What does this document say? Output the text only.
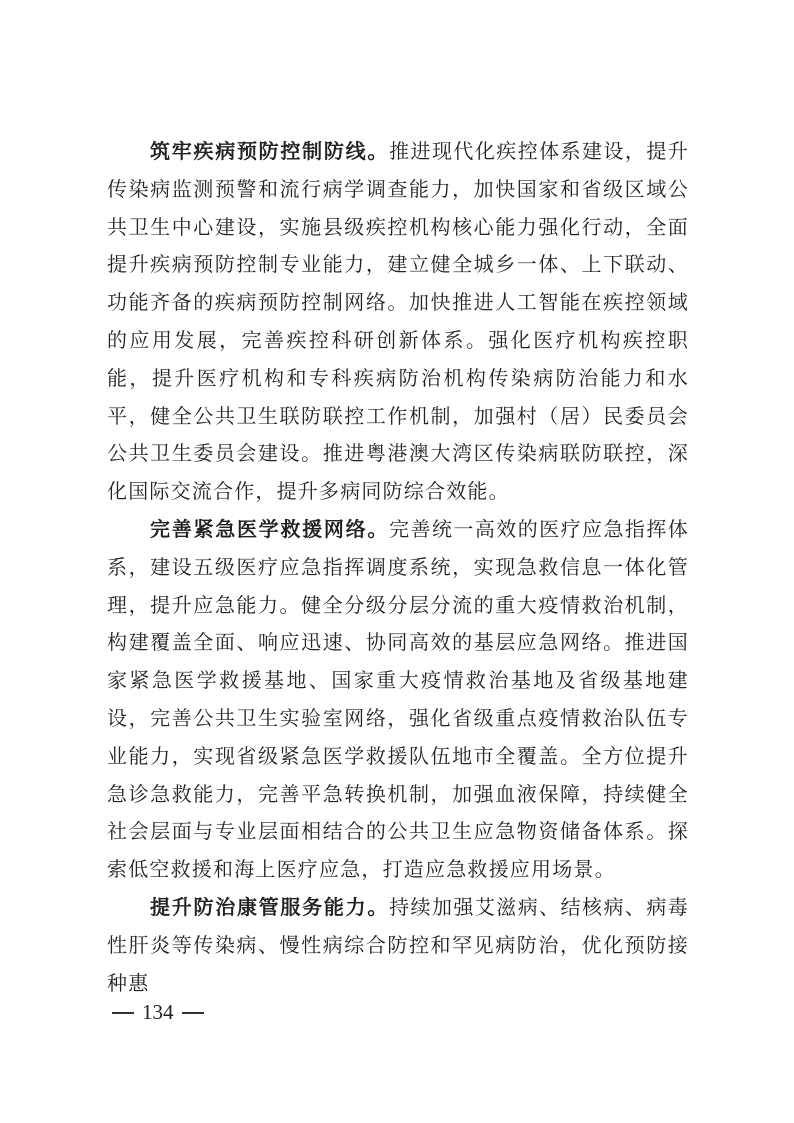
筑牢疾病预防控制防线。推进现代化疾控体系建设，提升传染病监测预警和流行病学调查能力，加快国家和省级区域公共卫生中心建设，实施县级疾控机构核心能力强化行动，全面提升疾病预防控制专业能力，建立健全城乡一体、上下联动、功能齐备的疾病预防控制网络。加快推进人工智能在疾控领域的应用发展，完善疾控科研创新体系。强化医疗机构疾控职能，提升医疗机构和专科疾病防治机构传染病防治能力和水平，健全公共卫生联防联控工作机制，加强村（居）民委员会公共卫生委员会建设。推进粤港澳大湾区传染病联防联控，深化国际交流合作，提升多病同防综合效能。

完善紧急医学救援网络。完善统一高效的医疗应急指挥体系，建设五级医疗应急指挥调度系统，实现急救信息一体化管理，提升应急能力。健全分级分层分流的重大疫情救治机制，构建覆盖全面、响应迅速、协同高效的基层应急网络。推进国家紧急医学救援基地、国家重大疫情救治基地及省级基地建设，完善公共卫生实验室网络，强化省级重点疫情救治队伍专业能力，实现省级紧急医学救援队伍地市全覆盖。全方位提升急诊急救能力，完善平急转换机制，加强血液保障，持续健全社会层面与专业层面相结合的公共卫生应急物资储备体系。探索低空救援和海上医疗应急，打造应急救援应用场景。

提升防治康管服务能力。持续加强艾滋病、结核病、病毒性肝炎等传染病、慢性病综合防控和罕见病防治，优化预防接种惠

134
